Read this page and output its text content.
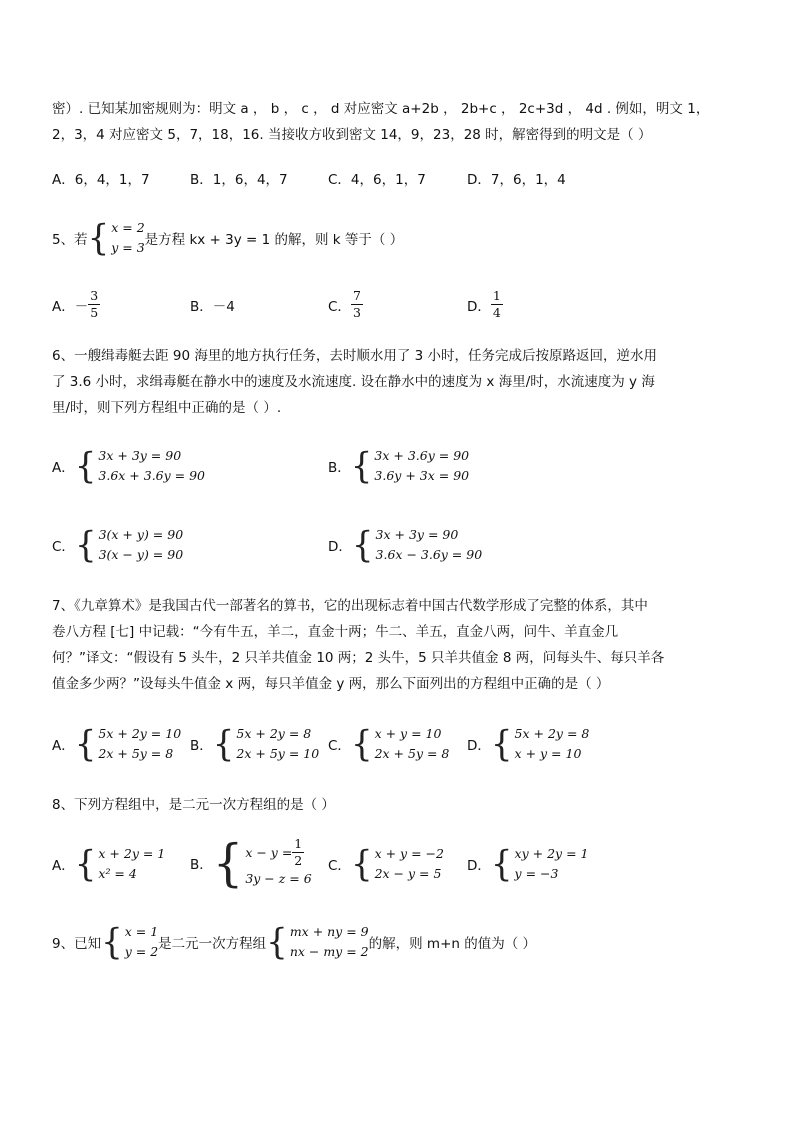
密）. 已知某加密规则为：明文 a ， b ， c ， d 对应密文 a+2b ， 2b+c ， 2c+3d ， 4d . 例如，明文 1，
2，3，4 对应密文 5，7，18，16. 当接收方收到密文 14，9，23，28 时，解密得到的明文是（ ）
A．6，4，1，7	B．1，6，4，7	C．4，6，1，7	D．7，6，1，4
5、若 { x = 2
y = 3 是方程 kx + 3y = 1 的解，则 k 等于（ ）
A． － $\frac{3}{5}$	B．－4	C． $\frac{7}{3}$	D． $\frac{1}{4}$
6、一艘缉毒艇去距 90 海里的地方执行任务，去时顺水用了 3 小时，任务完成后按原路返回，逆水用
了 3.6 小时，求缉毒艇在静水中的速度及水流速度. 设在静水中的速度为 x 海里/时，水流速度为 y 海
里/时，则下列方程组中正确的是（ ）.
A． { 3x + 3y = 90
3.6x + 3.6y = 90	B． { 3x + 3.6y = 90
3.6y + 3x = 90
C． { 3(x + y) = 90
3(x − y) = 90	D． { 3x + 3y = 90
3.6x − 3.6y = 90
7、《九章算术》是我国古代一部著名的算书，它的出现标志着中国古代数学形成了完整的体系，其中
卷八方程 [七] 中记载：“今有牛五，羊二，直金十两；牛二、羊五，直金八两，问牛、羊直金几
何？”译文：“假设有 5 头牛，2 只羊共值金 10 两；2 头牛，5 只羊共值金 8 两，问每头牛、每只羊各
值金多少两？”设每头牛值金 x 两，每只羊值金 y 两，那么下面列出的方程组中正确的是（ ）
A． { 5x + 2y = 10
2x + 5y = 8	B． { 5x + 2y = 8
2x + 5y = 10 C． { x + y = 10
2x + 5y = 8 D． { 5x + 2y = 8
x + y = 10
8、下列方程组中，是二元一次方程组的是（ ）
A． { x + 2y = 1
x² = 4
B． { $x - y = \frac{1}{2}$
3y − z = 6
C． { x + y = −2
2x − y = 5 D． { xy + 2y = 1
y = −3
9、已知 { x = 1
y = 2 是二元一次方程组 { mx + ny = 9
nx − my = 2 的解，则 m+n 的值为（ ）
